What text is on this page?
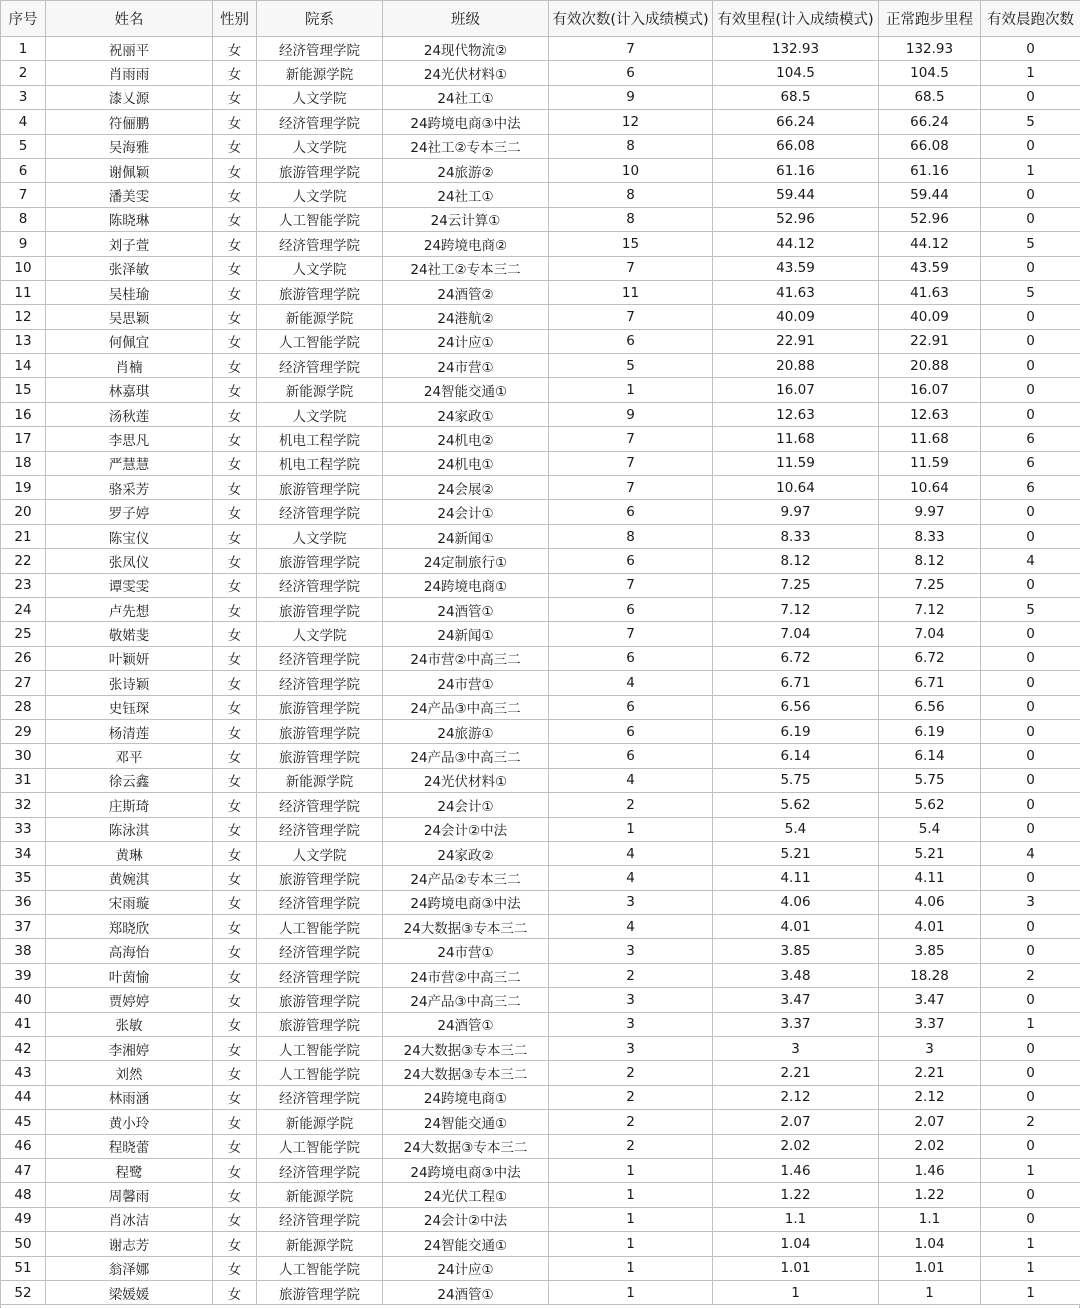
序号	姓名	性别	院系	班级	有效次数(计入成绩模式)	有效里程(计入成绩模式)	正常跑步里程	有效晨跑次数
1	祝丽平	女	经济管理学院	24现代物流②	7	132.93	132.93	0
2	肖雨雨	女	新能源学院	24光伏材料①	6	104.5	104.5	1
3	漆乂源	女	人文学院	24社工①	9	68.5	68.5	0
4	符俪鹏	女	经济管理学院	24跨境电商③中法	12	66.24	66.24	5
5	吴海雅	女	人文学院	24社工②专本三二	8	66.08	66.08	0
6	谢佩颖	女	旅游管理学院	24旅游②	10	61.16	61.16	1
7	潘美雯	女	人文学院	24社工①	8	59.44	59.44	0
8	陈晓琳	女	人工智能学院	24云计算①	8	52.96	52.96	0
9	刘子萱	女	经济管理学院	24跨境电商②	15	44.12	44.12	5
10	张泽敏	女	人文学院	24社工②专本三二	7	43.59	43.59	0
11	吴桂瑜	女	旅游管理学院	24酒管②	11	41.63	41.63	5
12	吴思颖	女	新能源学院	24港航②	7	40.09	40.09	0
13	何佩宜	女	人工智能学院	24计应①	6	22.91	22.91	0
14	肖楠	女	经济管理学院	24市营①	5	20.88	20.88	0
15	林嘉琪	女	新能源学院	24智能交通①	1	16.07	16.07	0
16	汤秋莲	女	人文学院	24家政①	9	12.63	12.63	0
17	李思凡	女	机电工程学院	24机电②	7	11.68	11.68	6
18	严慧慧	女	机电工程学院	24机电①	7	11.59	11.59	6
19	骆采芳	女	旅游管理学院	24会展②	7	10.64	10.64	6
20	罗子婷	女	经济管理学院	24会计①	6	9.97	9.97	0
21	陈宝仪	女	人文学院	24新闻①	8	8.33	8.33	0
22	张凤仪	女	旅游管理学院	24定制旅行①	6	8.12	8.12	4
23	谭雯雯	女	经济管理学院	24跨境电商①	7	7.25	7.25	0
24	卢先想	女	旅游管理学院	24酒管①	6	7.12	7.12	5
25	敬婼斐	女	人文学院	24新闻①	7	7.04	7.04	0
26	叶颖妍	女	经济管理学院	24市营②中高三二	6	6.72	6.72	0
27	张诗颖	女	经济管理学院	24市营①	4	6.71	6.71	0
28	史钰琛	女	旅游管理学院	24产品③中高三二	6	6.56	6.56	0
29	杨清莲	女	旅游管理学院	24旅游①	6	6.19	6.19	0
30	邓平	女	旅游管理学院	24产品③中高三二	6	6.14	6.14	0
31	徐云鑫	女	新能源学院	24光伏材料①	4	5.75	5.75	0
32	庄斯琦	女	经济管理学院	24会计①	2	5.62	5.62	0
33	陈泳淇	女	经济管理学院	24会计②中法	1	5.4	5.4	0
34	黄琳	女	人文学院	24家政②	4	5.21	5.21	4
35	黄婉淇	女	旅游管理学院	24产品②专本三二	4	4.11	4.11	0
36	宋雨璇	女	经济管理学院	24跨境电商③中法	3	4.06	4.06	3
37	郑晓欣	女	人工智能学院	24大数据③专本三二	4	4.01	4.01	0
38	高海怡	女	经济管理学院	24市营①	3	3.85	3.85	0
39	叶茵愉	女	经济管理学院	24市营②中高三二	2	3.48	18.28	2
40	贾婷婷	女	旅游管理学院	24产品③中高三二	3	3.47	3.47	0
41	张敏	女	旅游管理学院	24酒管①	3	3.37	3.37	1
42	李湘婷	女	人工智能学院	24大数据③专本三二	3	3	3	0
43	刘然	女	人工智能学院	24大数据③专本三二	2	2.21	2.21	0
44	林雨涵	女	经济管理学院	24跨境电商①	2	2.12	2.12	0
45	黄小玲	女	新能源学院	24智能交通①	2	2.07	2.07	2
46	程晓蕾	女	人工智能学院	24大数据③专本三二	2	2.02	2.02	0
47	程鹭	女	经济管理学院	24跨境电商③中法	1	1.46	1.46	1
48	周馨雨	女	新能源学院	24光伏工程①	1	1.22	1.22	0
49	肖冰洁	女	经济管理学院	24会计②中法	1	1.1	1.1	0
50	谢志芳	女	新能源学院	24智能交通①	1	1.04	1.04	1
51	翁泽娜	女	人工智能学院	24计应①	1	1.01	1.01	1
52	梁媛媛	女	旅游管理学院	24酒管①	1	1	1	1
